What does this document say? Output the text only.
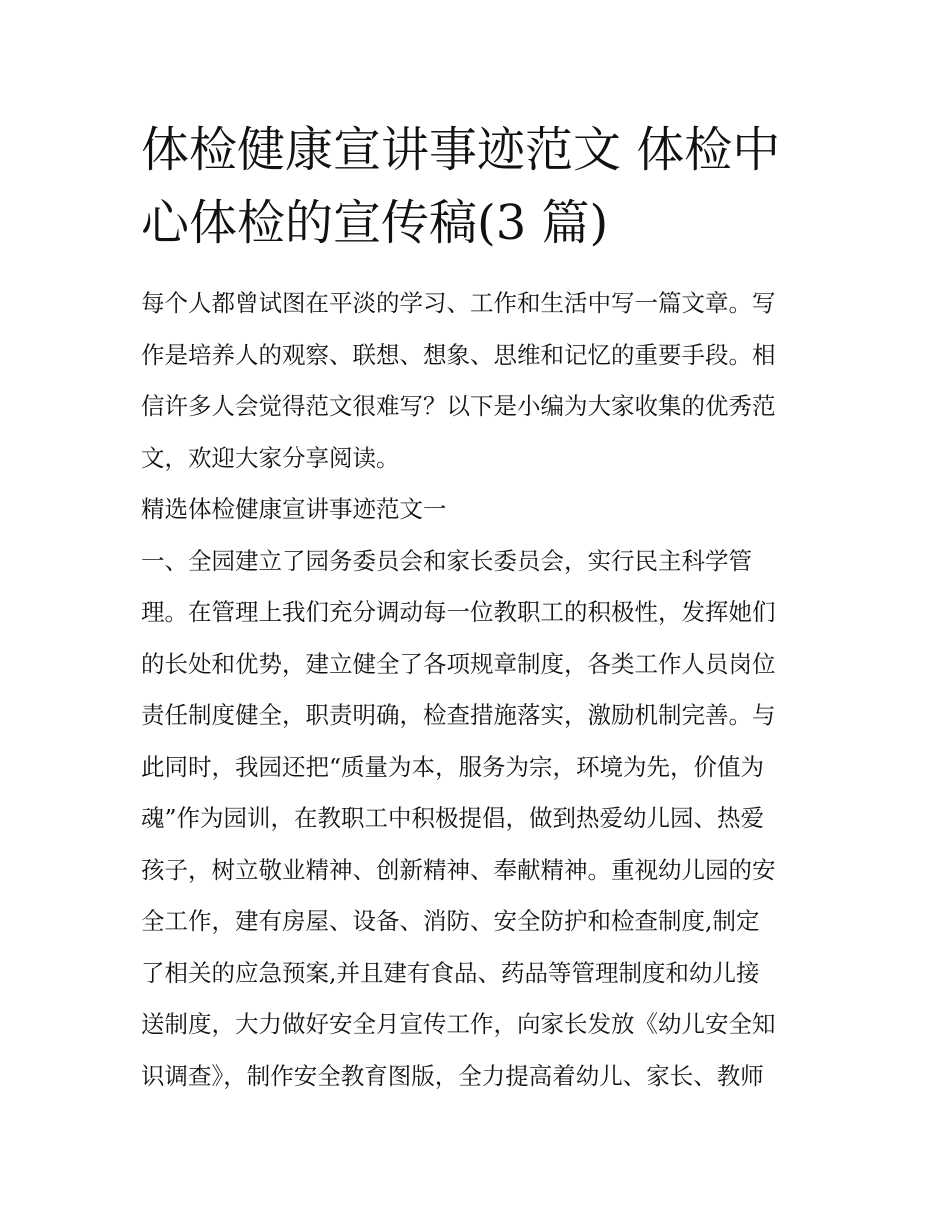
体检健康宣讲事迹范文 体检中
心体检的宣传稿(3 篇)
每个人都曾试图在平淡的学习、工作和生活中写一篇文章。写
作是培养人的观察、联想、想象、思维和记忆的重要手段。相
信许多人会觉得范文很难写？以下是小编为大家收集的优秀范
文，欢迎大家分享阅读。
精选体检健康宣讲事迹范文一
一、全园建立了园务委员会和家长委员会，实行民主科学管
理。在管理上我们充分调动每一位教职工的积极性，发挥她们
的长处和优势，建立健全了各项规章制度，各类工作人员岗位
责任制度健全，职责明确，检查措施落实，激励机制完善。与
此同时，我园还把“质量为本，服务为宗，环境为先，价值为
魂”作为园训，在教职工中积极提倡，做到热爱幼儿园、热爱
孩子，树立敬业精神、创新精神、奉献精神。重视幼儿园的安
全工作，建有房屋、设备、消防、安全防护和检查制度,制定
了相关的应急预案,并且建有食品、药品等管理制度和幼儿接
送制度，大力做好安全月宣传工作，向家长发放《幼儿安全知
识调查》，制作安全教育图版，全力提高着幼儿、家长、教师
